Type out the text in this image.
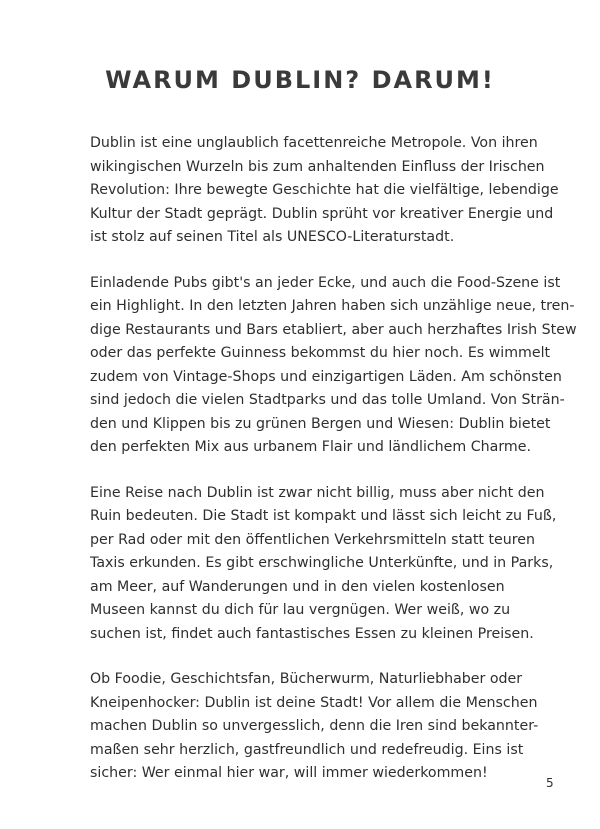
WARUM DUBLIN? DARUM!

Dublin ist eine unglaublich facettenreiche Metropole. Von ihren
wikingischen Wurzeln bis zum anhaltenden Einfluss der Irischen
Revolution: Ihre bewegte Geschichte hat die vielfältige, lebendige
Kultur der Stadt geprägt. Dublin sprüht vor kreativer Energie und
ist stolz auf seinen Titel als UNESCO-Literaturstadt.

Einladende Pubs gibt's an jeder Ecke, und auch die Food-Szene ist
ein Highlight. In den letzten Jahren haben sich unzählige neue, tren-
dige Restaurants und Bars etabliert, aber auch herzhaftes Irish Stew
oder das perfekte Guinness bekommst du hier noch. Es wimmelt
zudem von Vintage-Shops und einzigartigen Läden. Am schönsten
sind jedoch die vielen Stadtparks und das tolle Umland. Von Strän-
den und Klippen bis zu grünen Bergen und Wiesen: Dublin bietet
den perfekten Mix aus urbanem Flair und ländlichem Charme.

Eine Reise nach Dublin ist zwar nicht billig, muss aber nicht den
Ruin bedeuten. Die Stadt ist kompakt und lässt sich leicht zu Fuß,
per Rad oder mit den öffentlichen Verkehrsmitteln statt teuren
Taxis erkunden. Es gibt erschwingliche Unterkünfte, und in Parks,
am Meer, auf Wanderungen und in den vielen kostenlosen
Museen kannst du dich für lau vergnügen. Wer weiß, wo zu
suchen ist, findet auch fantastisches Essen zu kleinen Preisen.

Ob Foodie, Geschichtsfan, Bücherwurm, Naturliebhaber oder
Kneipenhocker: Dublin ist deine Stadt! Vor allem die Menschen
machen Dublin so unvergesslich, denn die Iren sind bekannter-
maßen sehr herzlich, gastfreundlich und redefreudig. Eins ist
sicher: Wer einmal hier war, will immer wiederkommen!

5
